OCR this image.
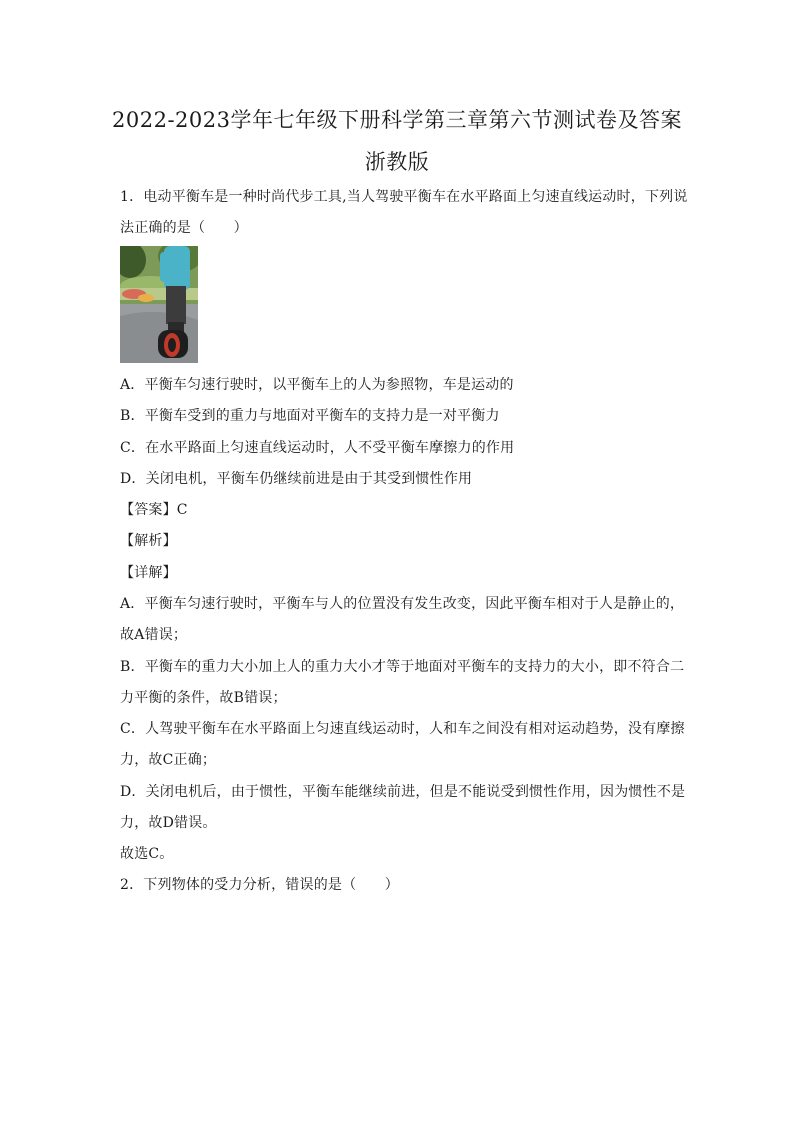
2022-2023学年七年级下册科学第三章第六节测试卷及答案
浙教版
1．电动平衡车是一种时尚代步工具,当人驾驶平衡车在水平路面上匀速直线运动时，下列说
法正确的是（　　）
A．平衡车匀速行驶时，以平衡车上的人为参照物，车是运动的
B．平衡车受到的重力与地面对平衡车的支持力是一对平衡力
C．在水平路面上匀速直线运动时，人不受平衡车摩擦力的作用
D．关闭电机，平衡车仍继续前进是由于其受到惯性作用
【答案】C
【解析】
【详解】
A．平衡车匀速行驶时，平衡车与人的位置没有发生改变，因此平衡车相对于人是静止的，
故A错误；
B．平衡车的重力大小加上人的重力大小才等于地面对平衡车的支持力的大小，即不符合二
力平衡的条件，故B错误；
C．人驾驶平衡车在水平路面上匀速直线运动时，人和车之间没有相对运动趋势，没有摩擦
力，故C正确；
D．关闭电机后，由于惯性，平衡车能继续前进，但是不能说受到惯性作用，因为惯性不是
力，故D错误。
故选C。
2．下列物体的受力分析，错误的是（　　）
